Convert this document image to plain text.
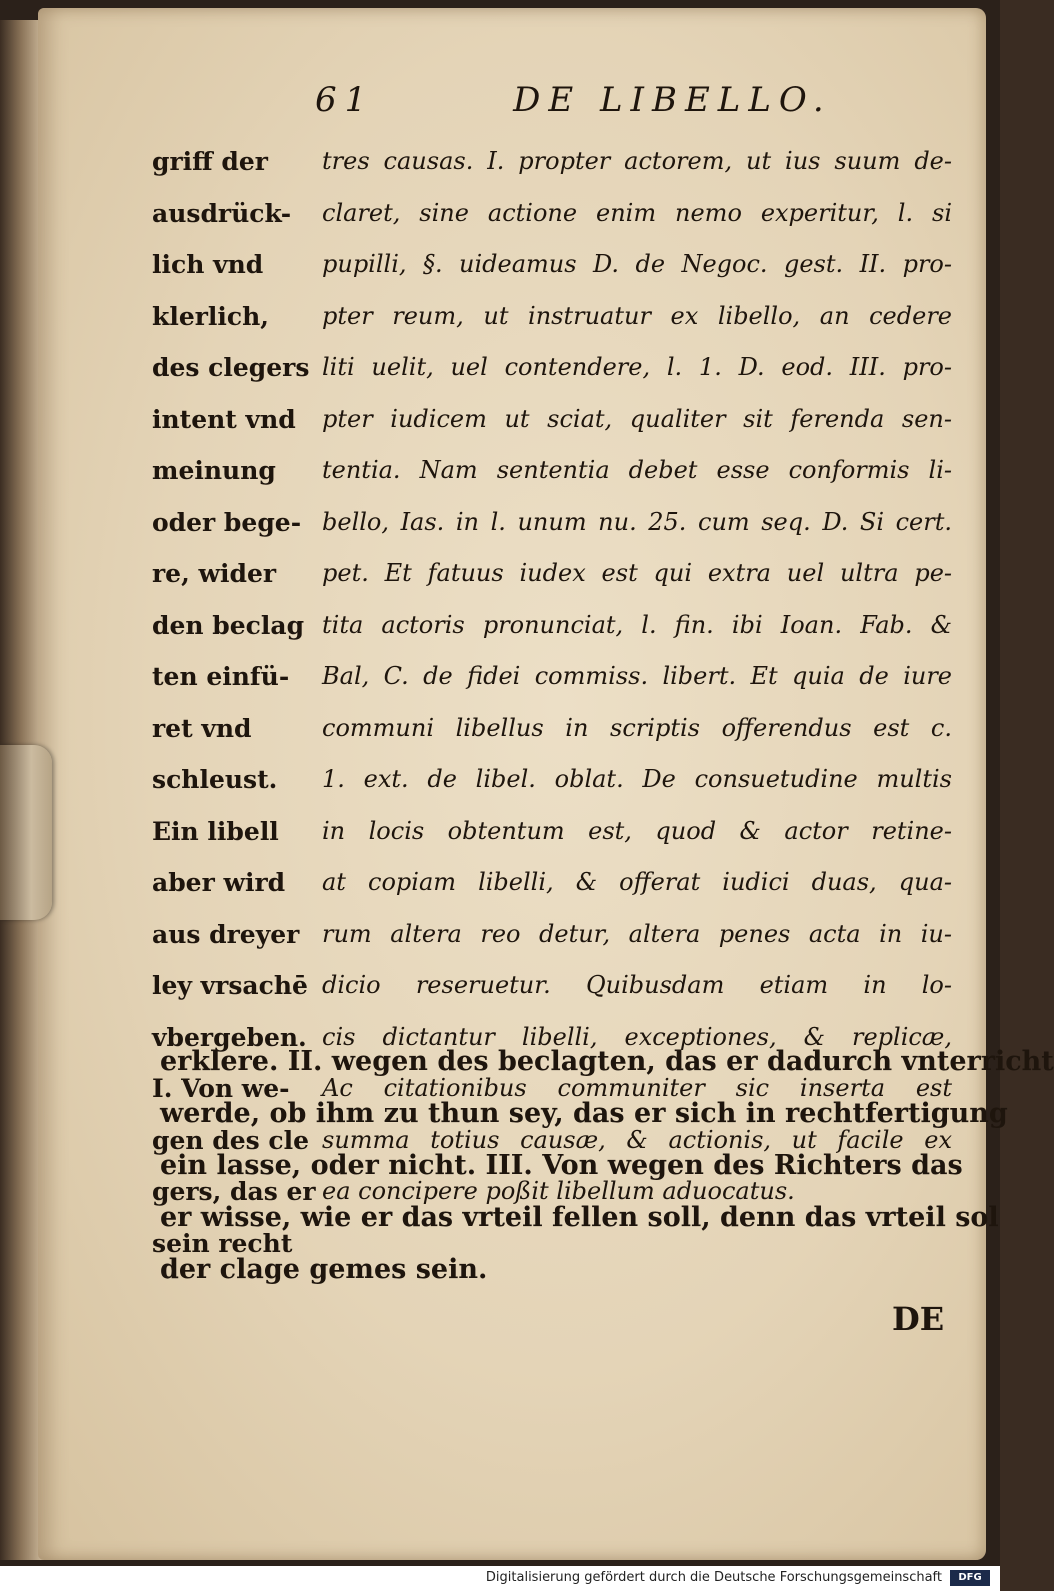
61	DE LIBELLO.
griff der
ausdrück-
lich vnd
klerlich,
des clegers
intent vnd
meinung
oder bege-
re, wider
den beclag
ten einfü-
ret vnd
schleust.
Ein libell
aber wird
aus dreyer
ley vrsachē
vbergeben.
I. Von we-
gen des cle
gers, das er
sein recht
tres causas. I. propter actorem, ut ius suum de-
claret, sine actione enim nemo experitur, l. si
pupilli, §. uideamus D. de Negoc. gest. II. pro-
pter reum, ut instruatur ex libello, an cedere
liti uelit, uel contendere, l. 1. D. eod. III. pro-
pter iudicem ut sciat, qualiter sit ferenda sen-
tentia. Nam sententia debet esse conformis li-
bello, Ias. in l. unum nu. 25. cum seq. D. Si cert.
pet. Et fatuus iudex est qui extra uel ultra pe-
tita actoris pronunciat, l. fin. ibi Ioan. Fab. &
Bal, C. de fidei commiss. libert. Et quia de iure
communi libellus in scriptis offerendus est c.
1. ext. de libel. oblat. De consuetudine multis
in locis obtentum est, quod & actor retine-
at copiam libelli, & offerat iudici duas, qua-
rum altera reo detur, altera penes acta in iu-
dicio reseruetur. Quibusdam etiam in lo-
cis dictantur libelli, exceptiones, & replicæ,
Ac citationibus communiter sic inserta est
summa totius causæ, & actionis, ut facile ex
ea concipere poßit libellum aduocatus.
erklere. II. wegen des beclagten, das er dadurch vnterricht
werde, ob ihm zu thun sey, das er sich in rechtfertigung
ein lasse, oder nicht. III. Von wegen des Richters das
er wisse, wie er das vrteil fellen soll, denn das vrteil sol
der clage gemes sein.
DE
Digitalisierung gefördert durch die Deutsche Forschungsgemeinschaft	DFG
